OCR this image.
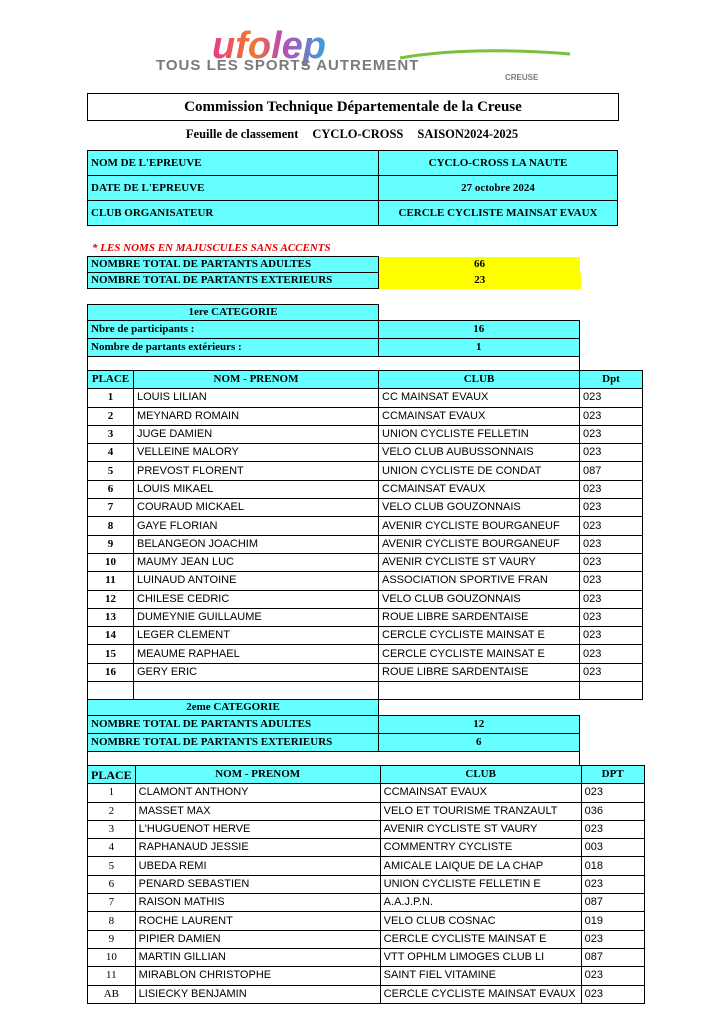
ufolep
TOUS LES SPORTS AUTREMENT
CREUSE
Commission Technique Départementale de la Creuse
Feuille de classement CYCLO-CROSS SAISON2024-2025
NOM DE L'EPREUVE	CYCLO-CROSS LA NAUTE
DATE DE L'EPREUVE	27 octobre 2024
CLUB ORGANISATEUR	CERCLE CYCLISTE MAINSAT EVAUX
* LES NOMS EN MAJUSCULES SANS ACCENTS
NOMBRE TOTAL DE PARTANTS ADULTES	66
NOMBRE TOTAL DE PARTANTS EXTERIEURS	23
1ere CATEGORIE	
Nbre de participants :	16
Nombre de partants extérieurs :	1

PLACE	NOM - PRENOM	CLUB	Dpt
1	LOUIS LILIAN	CC MAINSAT EVAUX	023
2	MEYNARD ROMAIN	CCMAINSAT EVAUX	023
3	JUGE DAMIEN	UNION CYCLISTE FELLETIN	023
4	VELLEINE MALORY	VELO CLUB AUBUSSONNAIS	023
5	PREVOST FLORENT	UNION CYCLISTE DE CONDAT	087
6	LOUIS MIKAEL	CCMAINSAT EVAUX	023
7	COURAUD MICKAEL	VELO CLUB GOUZONNAIS	023
8	GAYE FLORIAN	AVENIR CYCLISTE BOURGANEUF	023
9	BELANGEON JOACHIM	AVENIR CYCLISTE BOURGANEUF	023
10	MAUMY JEAN LUC	AVENIR CYCLISTE ST VAURY	023
11	LUINAUD ANTOINE	ASSOCIATION SPORTIVE FRAN	023
12	CHILESE CEDRIC	VELO CLUB GOUZONNAIS	023
13	DUMEYNIE GUILLAUME	ROUE LIBRE SARDENTAISE	023
14	LEGER CLEMENT	CERCLE CYCLISTE MAINSAT E	023
15	MEAUME RAPHAEL	CERCLE CYCLISTE MAINSAT E	023
16	GERY ERIC	ROUE LIBRE SARDENTAISE	023

2eme CATEGORIE	
NOMBRE TOTAL DE PARTANTS ADULTES	12
NOMBRE TOTAL DE PARTANTS EXTERIEURS	6

PLACE	NOM - PRENOM	CLUB	DPT
1	CLAMONT ANTHONY	CCMAINSAT EVAUX	023
2	MASSET MAX	VELO ET TOURISME TRANZAULT	036
3	L'HUGUENOT HERVE	AVENIR CYCLISTE ST VAURY	023
4	RAPHANAUD JESSIE	COMMENTRY CYCLISTE	003
5	UBEDA REMI	AMICALE LAIQUE DE LA CHAP	018
6	PENARD SEBASTIEN	UNION CYCLISTE FELLETIN E	023
7	RAISON MATHIS	A.A.J.P.N.	087
8	ROCHE LAURENT	VELO CLUB COSNAC	019
9	PIPIER DAMIEN	CERCLE CYCLISTE MAINSAT E	023
10	MARTIN GILLIAN	VTT OPHLM LIMOGES CLUB LI	087
11	MIRABLON CHRISTOPHE	SAINT FIEL VITAMINE	023
AB	LISIECKY BENJAMIN	CERCLE CYCLISTE MAINSAT EVAUX	023
